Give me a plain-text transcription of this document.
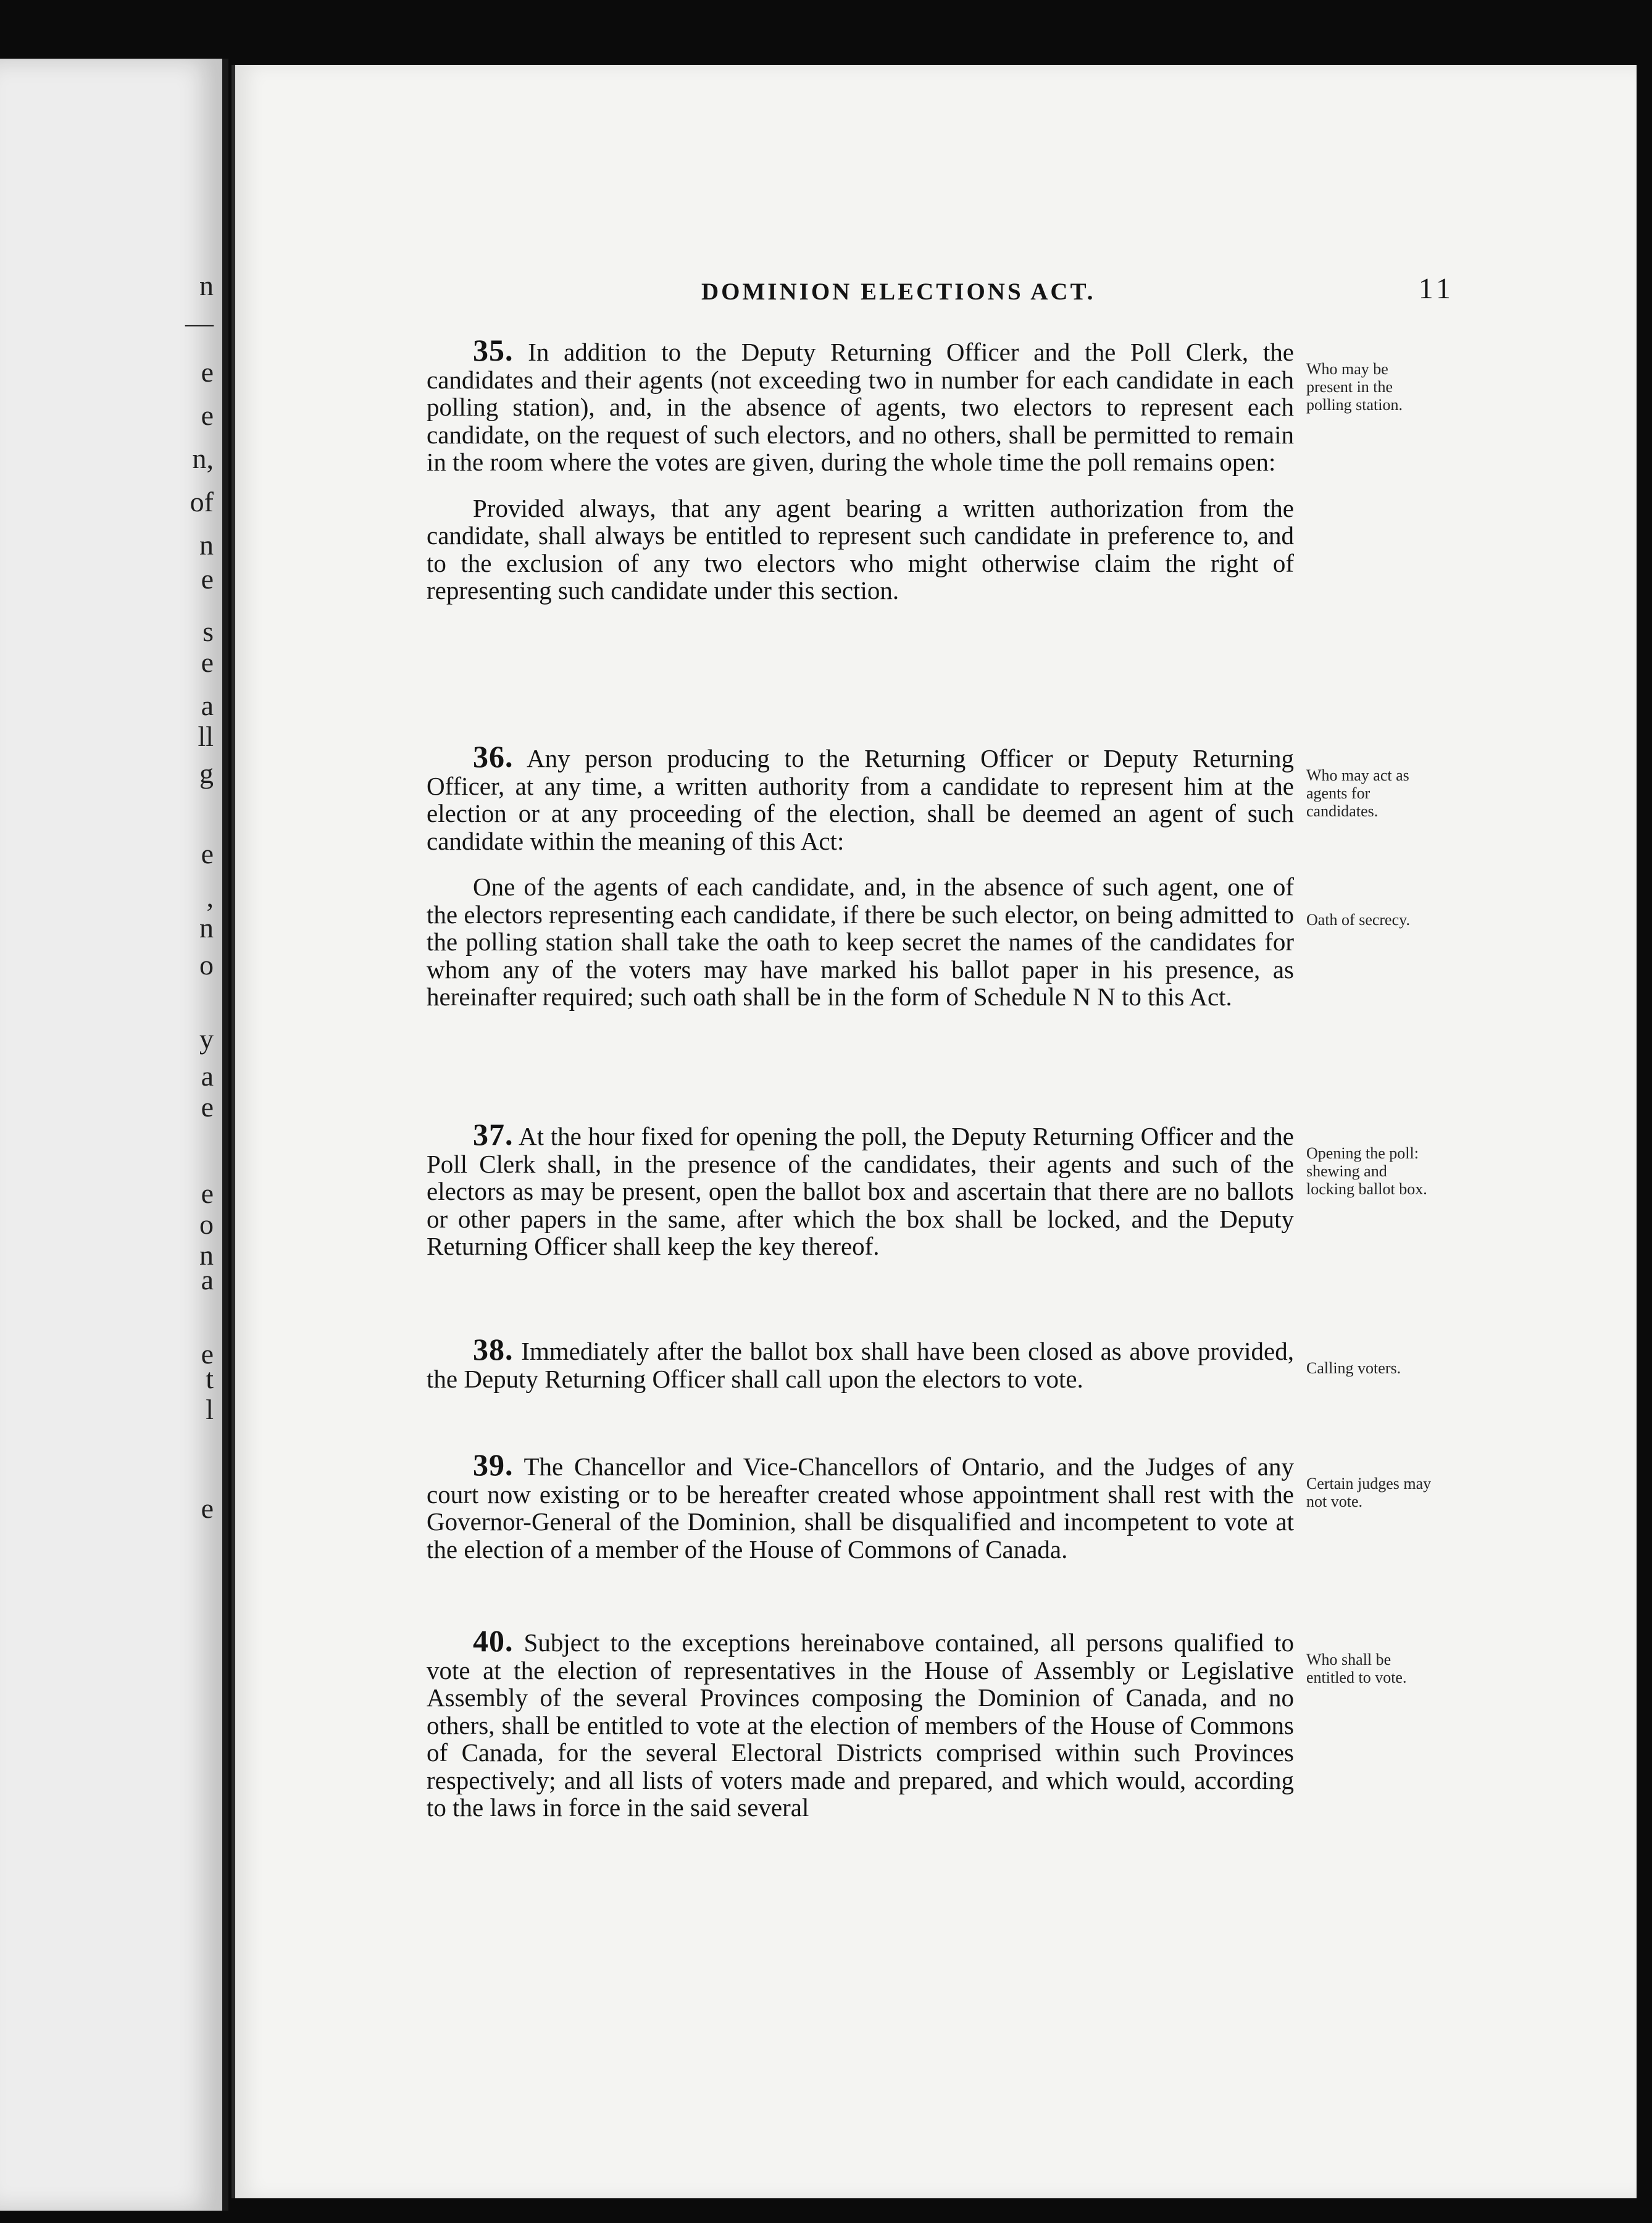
n
—
e
e
n,
of
n
e
s
e
a
ll
g
e
,
n
o
y
a
e
e
o
n
a
e
t
l
e
DOMINION ELECTIONS ACT.	11

35. In addition to the Deputy Returning Officer and the Poll Clerk, the candidates and their agents (not exceeding two in number for each candidate in each polling station), and, in the absence of agents, two electors to represent each candidate, on the request of such electors, and no others, shall be permitted to remain in the room where the votes are given, during the whole time the poll remains open:

Provided always, that any agent bearing a written authorization from the candidate, shall always be entitled to represent such candidate in preference to, and to the exclusion of any two electors who might otherwise claim the right of representing such candidate under this section.

Who may be present in the polling station.

36. Any person producing to the Returning Officer or Deputy Returning Officer, at any time, a written authority from a candidate to represent him at the election or at any proceeding of the election, shall be deemed an agent of such candidate within the meaning of this Act:

One of the agents of each candidate, and, in the absence of such agent, one of the electors representing each candidate, if there be such elector, on being admitted to the polling station shall take the oath to keep secret the names of the candidates for whom any of the voters may have marked his ballot paper in his presence, as hereinafter required; such oath shall be in the form of Schedule N N to this Act.

Who may act as agents for candidates.
Oath of secrecy.

37. At the hour fixed for opening the poll, the Deputy Returning Officer and the Poll Clerk shall, in the presence of the candidates, their agents and such of the electors as may be present, open the ballot box and ascertain that there are no ballots or other papers in the same, after which the box shall be locked, and the Deputy Returning Officer shall keep the key thereof.

Opening the poll: shewing and locking ballot box.

38. Immediately after the ballot box shall have been closed as above provided, the Deputy Returning Officer shall call upon the electors to vote.	Calling voters.

39. The Chancellor and Vice-Chancellors of Ontario, and the Judges of any court now existing or to be hereafter created whose appointment shall rest with the Governor-General of the Dominion, shall be disqualified and incompetent to vote at the election of a member of the House of Commons of Canada.

Certain judges may not vote.

40. Subject to the exceptions hereinabove contained, all persons qualified to vote at the election of representatives in the House of Assembly or Legislative Assembly of the several Provinces composing the Dominion of Canada, and no others, shall be entitled to vote at the election of members of the House of Commons of Canada, for the several Electoral Districts comprised within such Provinces respectively; and all lists of voters made and prepared, and which would, according to the laws in force in the said several

Who shall be entitled to vote.
